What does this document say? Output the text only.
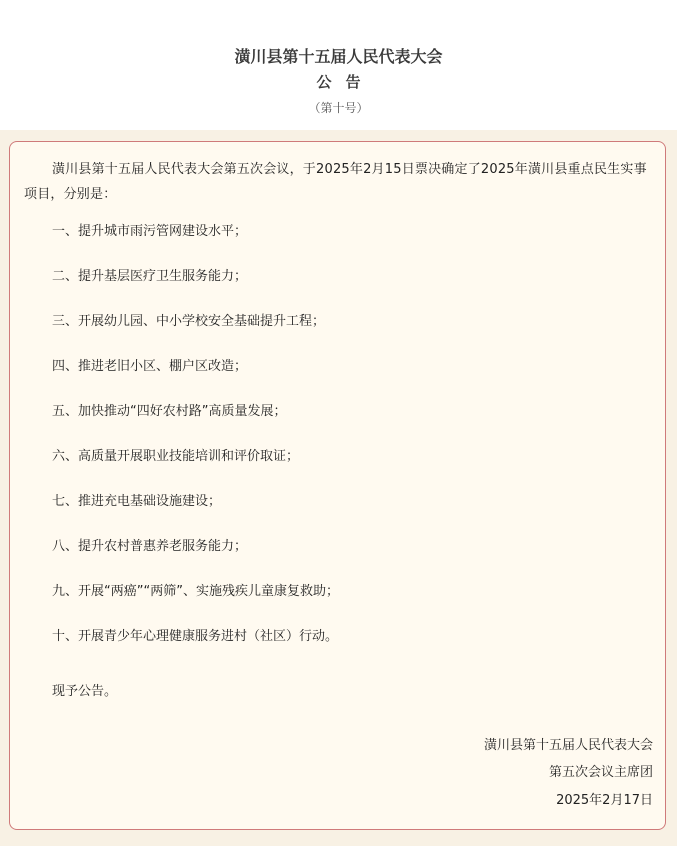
潢川县第十五届人民代表大会
公告
（第十号）
潢川县第十五届人民代表大会第五次会议，于2025年2月15日票决确定了2025年潢川县重点民生实事项目，分别是：
一、提升城市雨污管网建设水平；
二、提升基层医疗卫生服务能力；
三、开展幼儿园、中小学校安全基础提升工程；
四、推进老旧小区、棚户区改造；
五、加快推动“四好农村路”高质量发展；
六、高质量开展职业技能培训和评价取证；
七、推进充电基础设施建设；
八、提升农村普惠养老服务能力；
九、开展“两癌”“两筛”、实施残疾儿童康复救助；
十、开展青少年心理健康服务进村（社区）行动。
现予公告。
潢川县第十五届人民代表大会
第五次会议主席团
2025年2月17日
